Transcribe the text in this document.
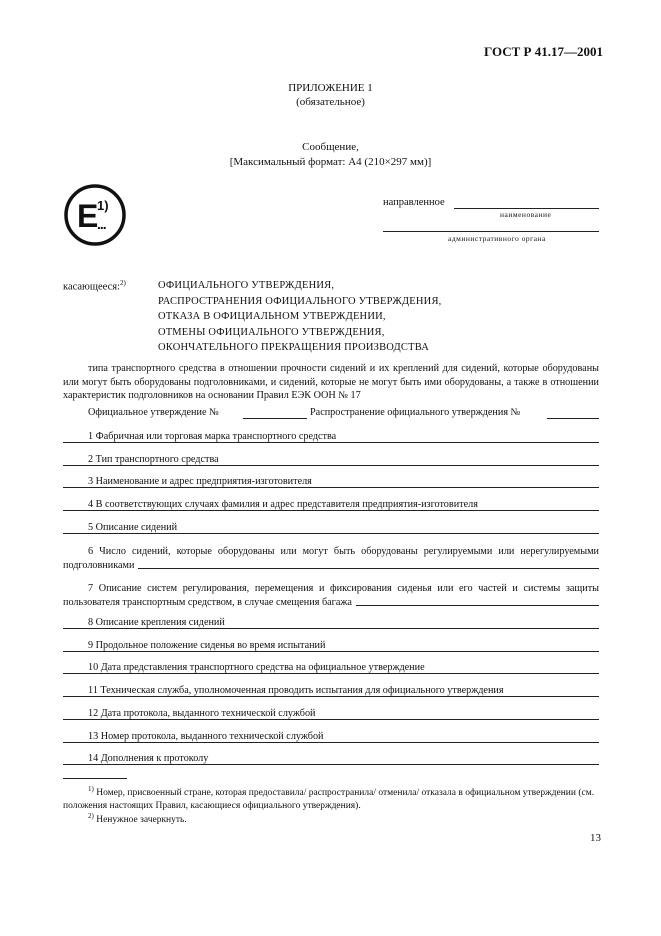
ГОСТ Р 41.17—2001
ПРИЛОЖЕНИЕ 1
(обязательное)
Сообщение,
[Максимальный формат: А4 (210×297 мм)]
E
1)
...
направленное
наименование
административного органа
касающееся:$^{2)}$	ОФИЦИАЛЬНОГО УТВЕРЖДЕНИЯ,
РАСПРОСТРАНЕНИЯ ОФИЦИАЛЬНОГО УТВЕРЖДЕНИЯ,
ОТКАЗА В ОФИЦИАЛЬНОМ УТВЕРЖДЕНИИ,
ОТМЕНЫ ОФИЦИАЛЬНОГО УТВЕРЖДЕНИЯ,
ОКОНЧАТЕЛЬНОГО ПРЕКРАЩЕНИЯ ПРОИЗВОДСТВА
типа транспортного средства в отношении прочности сидений и их креплений для сидений, которые оборудованы или могут быть оборудованы подголовниками, и сидений, которые не могут быть ими оборудованы, а также в отношении характеристик подголовников на основании Правил ЕЭК ООН № 17
Официальное утверждение №	Распространение официального утверждения №
1 Фабричная или торговая марка транспортного средства
2 Тип транспортного средства
3 Наименование и адрес предприятия-изготовителя
4 В соответствующих случаях фамилия и адрес представителя предприятия-изготовителя
5 Описание сидений
6 Число сидений, которые оборудованы или могут быть оборудованы регулируемыми или нерегулируемыми подголовниками
7 Описание систем регулирования, перемещения и фиксирования сиденья или его частей и системы защиты пользователя транспортным средством, в случае смещения багажа
8 Описание крепления сидений
9 Продольное положение сиденья во время испытаний
10 Дата представления транспортного средства на официальное утверждение
11 Техническая служба, уполномоченная проводить испытания для официального утверждения
12 Дата протокола, выданного технической службой
13 Номер протокола, выданного технической службой
14 Дополнения к протоколу
$^{1)}$ Номер, присвоенный стране, которая предоставила/ распространила/ отменила/ отказала в официальном утверждении (см. положения настоящих Правил, касающиеся официального утверждения).
$^{2)}$ Ненужное зачеркнуть.
13
